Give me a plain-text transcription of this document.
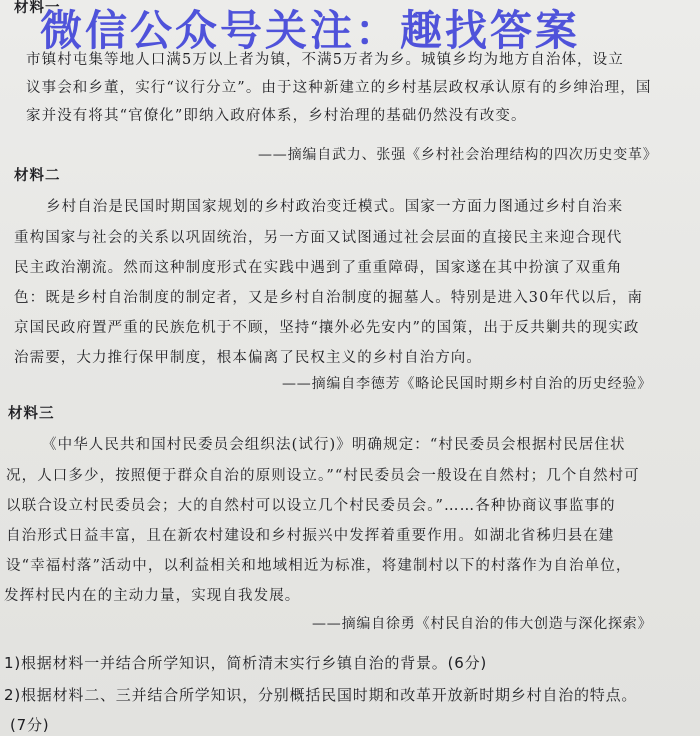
材料一
微信公众号关注：趣找答案
市镇村屯集等地人口满5万以上者为镇，不满5万者为乡。城镇乡均为地方自治体，设立
议事会和乡董，实行“议行分立”。由于这种新建立的乡村基层政权承认原有的乡绅治理，国
家并没有将其“官僚化”即纳入政府体系，乡村治理的基础仍然没有改变。
——摘编自武力、张强《乡村社会治理结构的四次历史变革》
材料二
乡村自治是民国时期国家规划的乡村政治变迁模式。国家一方面力图通过乡村自治来
重构国家与社会的关系以巩固统治，另一方面又试图通过社会层面的直接民主来迎合现代
民主政治潮流。然而这种制度形式在实践中遇到了重重障碍，国家遂在其中扮演了双重角
色：既是乡村自治制度的制定者，又是乡村自治制度的掘墓人。特别是进入30年代以后，南
京国民政府置严重的民族危机于不顾，坚持“攘外必先安内”的国策，出于反共剿共的现实政
治需要，大力推行保甲制度，根本偏离了民权主义的乡村自治方向。
——摘编自李德芳《略论民国时期乡村自治的历史经验》
材料三
《中华人民共和国村民委员会组织法(试行)》明确规定：“村民委员会根据村民居住状
况，人口多少，按照便于群众自治的原则设立。”“村民委员会一般设在自然村；几个自然村可
以联合设立村民委员会；大的自然村可以设立几个村民委员会。”……各种协商议事监事的
自治形式日益丰富，且在新农村建设和乡村振兴中发挥着重要作用。如湖北省秭归县在建
设“幸福村落”活动中，以利益相关和地域相近为标准，将建制村以下的村落作为自治单位，
发挥村民内在的主动力量，实现自我发展。
——摘编自徐勇《村民自治的伟大创造与深化探索》
1)根据材料一并结合所学知识，简析清末实行乡镇自治的背景。(6分)
2)根据材料二、三并结合所学知识，分别概括民国时期和改革开放新时期乡村自治的特点。
(7分)
